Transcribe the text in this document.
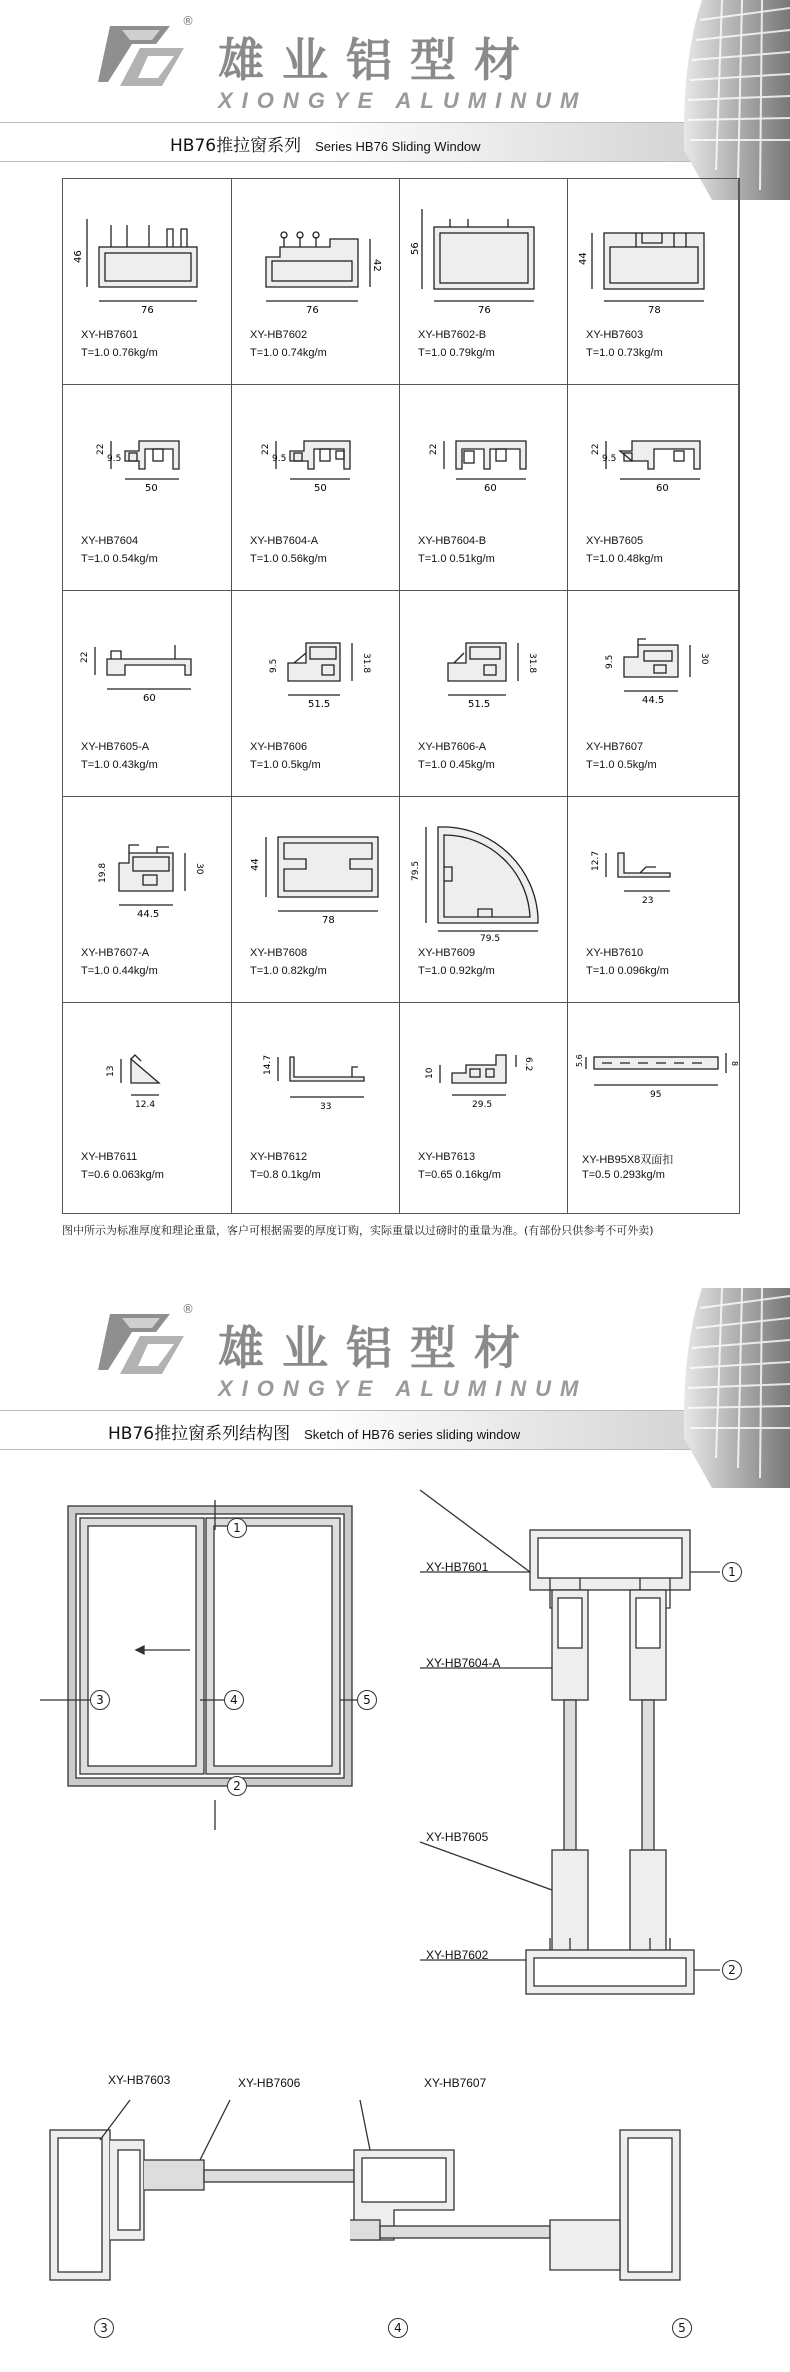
®
雄业铝型材
XIONGYE ALUMINUM
HB76推拉窗系列 Series HB76 Sliding Window
76
46
XY-HB7601
T=1.0 0.76kg/m
76
42
XY-HB7602
T=1.0 0.74kg/m
76
56
XY-HB7602-B
T=1.0 0.79kg/m
78
44
XY-HB7603
T=1.0 0.73kg/m
50
22
9.5
XY-HB7604
T=1.0 0.54kg/m
50
22
9.5
XY-HB7604-A
T=1.0 0.56kg/m
60
22
XY-HB7604-B
T=1.0 0.51kg/m
60
22
9.5
XY-HB7605
T=1.0 0.48kg/m
60
22
XY-HB7605-A
T=1.0 0.43kg/m
51.5
31.8
9.5
XY-HB7606
T=1.0 0.5kg/m
51.5
31.8
XY-HB7606-A
T=1.0 0.45kg/m
44.5
30
9.5
XY-HB7607
T=1.0 0.5kg/m
44.5
30
19.8
XY-HB7607-A
T=1.0 0.44kg/m
78
44
XY-HB7608
T=1.0 0.82kg/m
79.5
79.5
XY-HB7609
T=1.0 0.92kg/m
23
12.7
XY-HB7610
T=1.0 0.096kg/m
12.4
13
XY-HB7611
T=0.6 0.063kg/m
33
14.7
XY-HB7612
T=0.8 0.1kg/m
29.5
10
6.2
XY-HB7613
T=0.65 0.16kg/m
95
5.6	8
XY-HB95X8双面扣
T=0.5 0.293kg/m
图中所示为标准厚度和理论重量，客户可根据需要的厚度订购，实际重量以过磅时的重量为准。(有部份只供参考不可外卖)
®
雄业铝型材
XIONGYE ALUMINUM
HB76推拉窗系列结构图 Sketch of HB76 series sliding window
1
2
3	4	5
XY-HB7601
XY-HB7604-A
XY-HB7605
XY-HB7602
1
2
XY-HB7603	XY-HB7606	XY-HB7607
3	4	5
